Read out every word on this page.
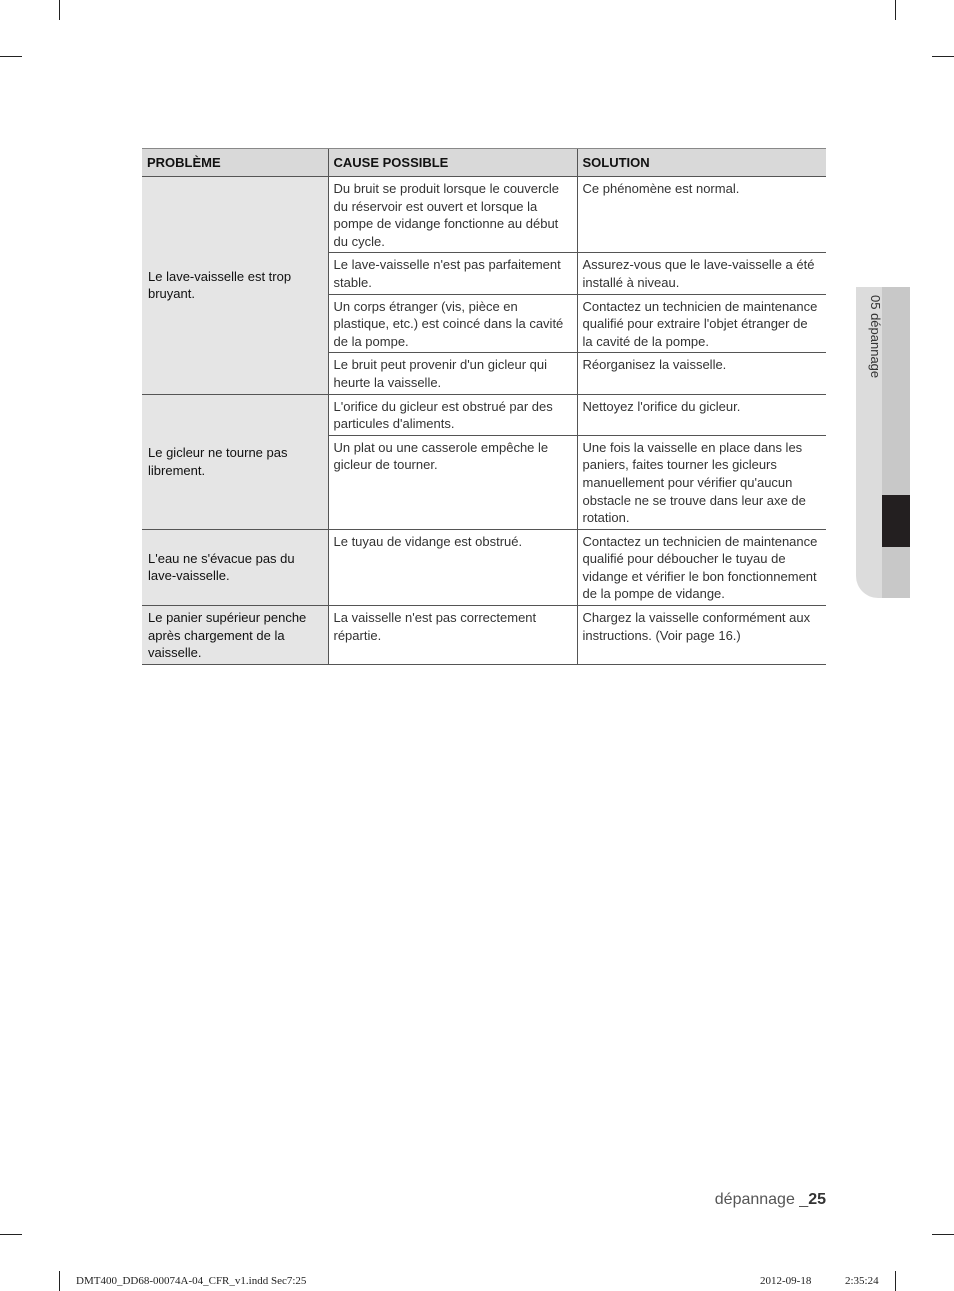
PROBLÈME	CAUSE POSSIBLE	SOLUTION
Le lave-vaisselle est trop bruyant.	Du bruit se produit lorsque le couvercle du réservoir est ouvert et lorsque la pompe de vidange fonctionne au début du cycle.	Ce phénomène est normal.
	Le lave-vaisselle n'est pas parfaitement stable.	Assurez-vous que le lave-vaisselle a été installé à niveau.
	Un corps étranger (vis, pièce en plastique, etc.) est coincé dans la cavité de la pompe.	Contactez un technicien de maintenance qualifié pour extraire l'objet étranger de la cavité de la pompe.
	Le bruit peut provenir d'un gicleur qui heurte la vaisselle.	Réorganisez la vaisselle.
Le gicleur ne tourne pas librement.	L'orifice du gicleur est obstrué par des particules d'aliments.	Nettoyez l'orifice du gicleur.
	Un plat ou une casserole empêche le gicleur de tourner.	Une fois la vaisselle en place dans les paniers, faites tourner les gicleurs manuellement pour vérifier qu'aucun obstacle ne se trouve dans leur axe de rotation.
L'eau ne s'évacue pas du lave-vaisselle.	Le tuyau de vidange est obstrué.	Contactez un technicien de maintenance qualifié pour déboucher le tuyau de vidange et vérifier le bon fonctionnement de la pompe de vidange.
Le panier supérieur penche après chargement de la vaisselle.	La vaisselle n'est pas correctement répartie.	Chargez la vaisselle conformément aux instructions. (Voir page 16.)
05 dépannage
dépannage _25
DMT400_DD68-00074A-04_CFR_v1.indd Sec7:25	2012-09-18	2:35:24
